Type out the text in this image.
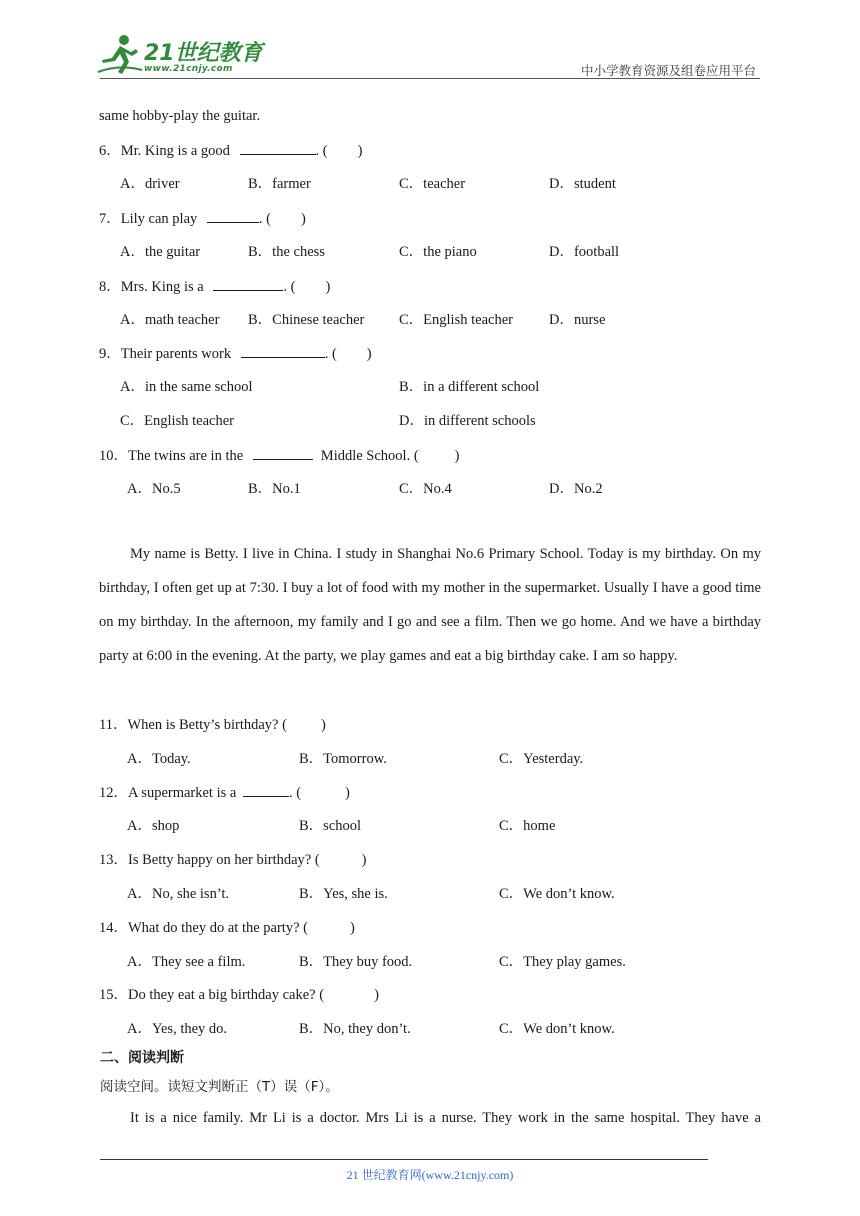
21世纪教育
www.21cnjy.com	中小学教育资源及组卷应用平台
same hobby-play the guitar.
6．Mr. King is a good	. ( )
A．driver	B．farmer	C．teacher	D．student
7．Lily can play	. ( )
A．the guitar	B．the chess	C．the piano	D．football
8．Mrs. King is a	. ( )
A．math teacher B．Chinese teacher C．English teacher D．nurse
9．Their parents work	. ( )
A．in the same school	B．in a different school
C．English teacher	D．in different schools
10．The twins are in the	Middle School. ( )
A．No.5	B．No.1	C．No.4	D．No.2

My name is Betty. I live in China. I study in Shanghai No.6 Primary School. Today is my birthday. On my birthday, I often get up at 7:30. I buy a lot of food with my mother in the supermarket. Usually I have a good time on my birthday. In the afternoon, my family and I go and see a film. Then we go home. And we have a birthday party at 6:00 in the evening. At the party, we play games and eat a big birthday cake. I am so happy.

11．When is Betty’s birthday? ( )
A．Today.	B．Tomorrow.	C．Yesterday.
12．A supermarket is a	. (	)
A．shop	B．school	C．home
13．Is Betty happy on her birthday? (	)
A．No, she isn’t.	B．Yes, she is.	C．We don’t know.
14．What do they do at the party? (	)
A．They see a film.	B．They buy food.	C．They play games.
15．Do they eat a big birthday cake? (	)
A．Yes, they do.	B．No, they don’t.	C．We don’t know.
二、阅读判断
阅读空间。读短文判断正（T）误（F）。

It is a nice family. Mr Li is a doctor. Mrs Li is a nurse. They work in the same hospital. They have a

21 世纪教育网(www.21cnjy.com)
